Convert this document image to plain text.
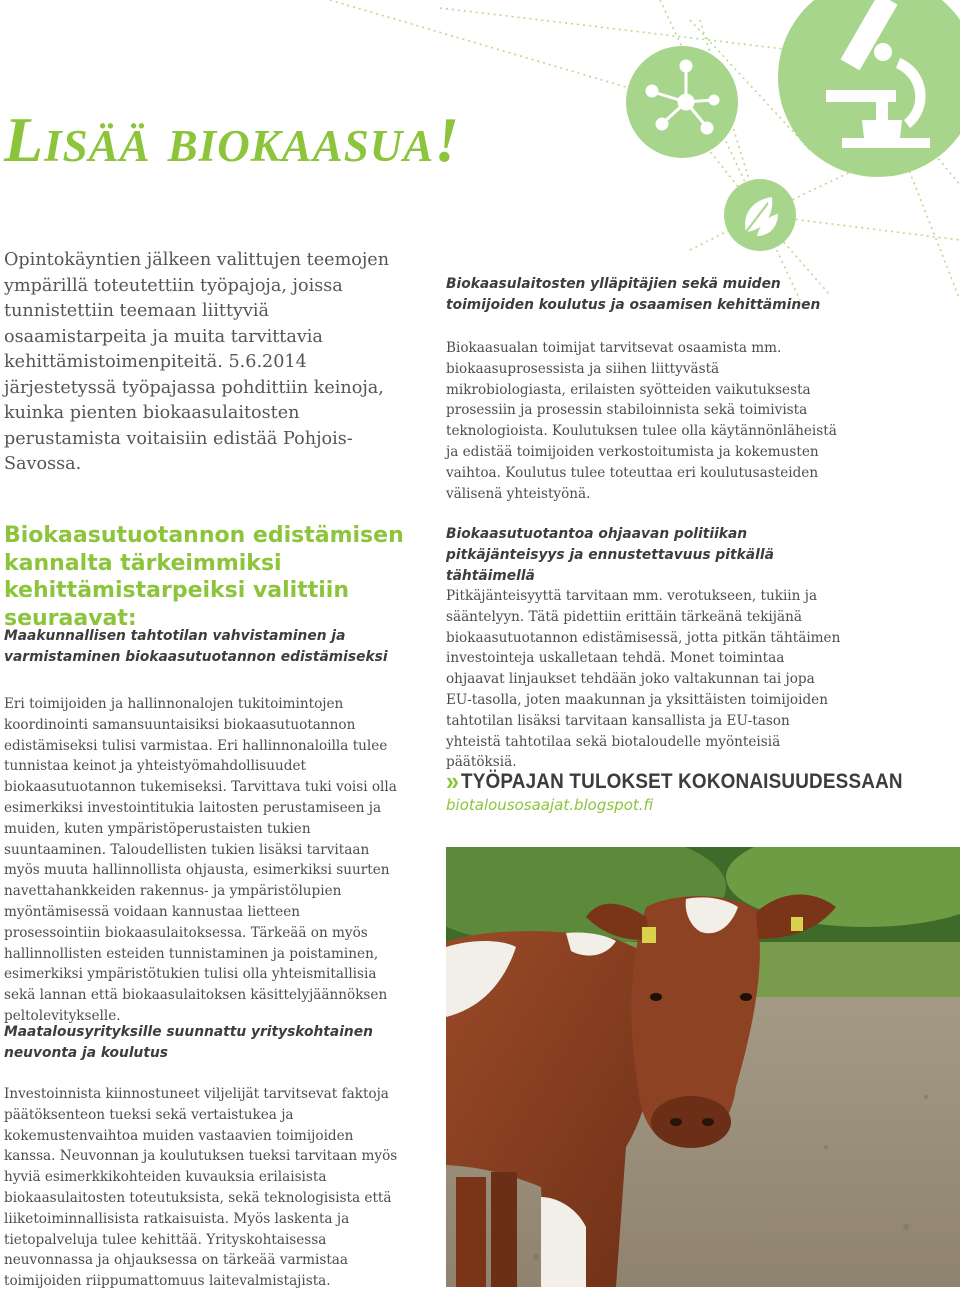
Lisää biokaasua!

Opintokäyntien jälkeen valittujen teemojen ympärillä toteutettiin työpajoja, joissa tunnistettiin teemaan liittyviä osaamistarpeita ja muita tarvittavia kehittämistoimenpiteitä. 5.6.2014 järjestetyssä työpajassa pohdittiin keinoja, kuinka pienten biokaasulaitosten perustamista voitaisiin edistää Pohjois-Savossa.

Biokaasutuotannon edistämisen kannalta tärkeimmiksi kehittämistarpeiksi valittiin seuraavat:
Maakunnallisen tahtotilan vahvistaminen ja varmistaminen biokaasutuotannon edistämiseksi

Eri toimijoiden ja hallinnonalojen tukitoimintojen koordinointi samansuuntaisiksi biokaasutuotannon edistämiseksi tulisi varmistaa. Eri hallinnonaloilla tulee tunnistaa keinot ja yhteistyömahdollisuudet biokaasutuotannon tukemiseksi. Tarvittava tuki voisi olla esimerkiksi investointitukia laitosten perustamiseen ja muiden, kuten ympäristöperustaisten tukien suuntaaminen. Taloudellisten tukien lisäksi tarvitaan myös muuta hallinnollista ohjausta, esimerkiksi suurten navettahankkeiden rakennus- ja ympäristölupien myöntämisessä voidaan kannustaa lietteen prosessointiin biokaasulaitoksessa. Tärkeää on myös hallinnollisten esteiden tunnistaminen ja poistaminen, esimerkiksi ympäristötukien tulisi olla yhteismitallisia sekä lannan että biokaasulaitoksen käsittelyjäännöksen peltolevitykselle.

Maatalousyrityksille suunnattu yrityskohtainen neuvonta ja koulutus

Investoinnista kiinnostuneet viljelijät tarvitsevat faktoja päätöksenteon tueksi sekä vertaistukea ja kokemustenvaihtoa muiden vastaavien toimijoiden kanssa. Neuvonnan ja koulutuksen tueksi tarvitaan myös hyviä esimerkkikohteiden kuvauksia erilaisista biokaasulaitosten toteutuksista, sekä teknologisista että liiketoiminnallisista ratkaisuista. Myös laskenta ja tietopalveluja tulee kehittää. Yrityskohtaisessa neuvonnassa ja ohjauksessa on tärkeää varmistaa toimijoiden riippumattomuus laitevalmistajista.

Biokaasulaitosten ylläpitäjien sekä muiden toimijoiden koulutus ja osaamisen kehittäminen

Biokaasualan toimijat tarvitsevat osaamista mm. biokaasuprosessista ja siihen liittyvästä mikrobiologiasta, erilaisten syötteiden vaikutuksesta prosessiin ja prosessin stabiloinnista sekä toimivista teknologioista. Koulutuksen tulee olla käytännönläheistä ja edistää toimijoiden verkostoitumista ja kokemusten vaihtoa. Koulutus tulee toteuttaa eri koulutusasteiden välisenä yhteistyönä.

Biokaasutuotantoa ohjaavan politiikan pitkäjänteisyys ja ennustettavuus pitkällä tähtäimellä

Pitkäjänteisyyttä tarvitaan mm. verotukseen, tukiin ja sääntelyyn. Tätä pidettiin erittäin tärkeänä tekijänä biokaasutuotannon edistämisessä, jotta pitkän tähtäimen investointeja uskalletaan tehdä. Monet toimintaa ohjaavat linjaukset tehdään joko valtakunnan tai jopa EU-tasolla, joten maakunnan ja yksittäisten toimijoiden tahtotilan lisäksi tarvitaan kansallista ja EU-tason yhteistä tahtotilaa sekä biotaloudelle myönteisiä päätöksiä.

»TYÖPAJAN TULOKSET KOKONAISUUDESSAAN
biotalousosaajat.blogspot.fi
